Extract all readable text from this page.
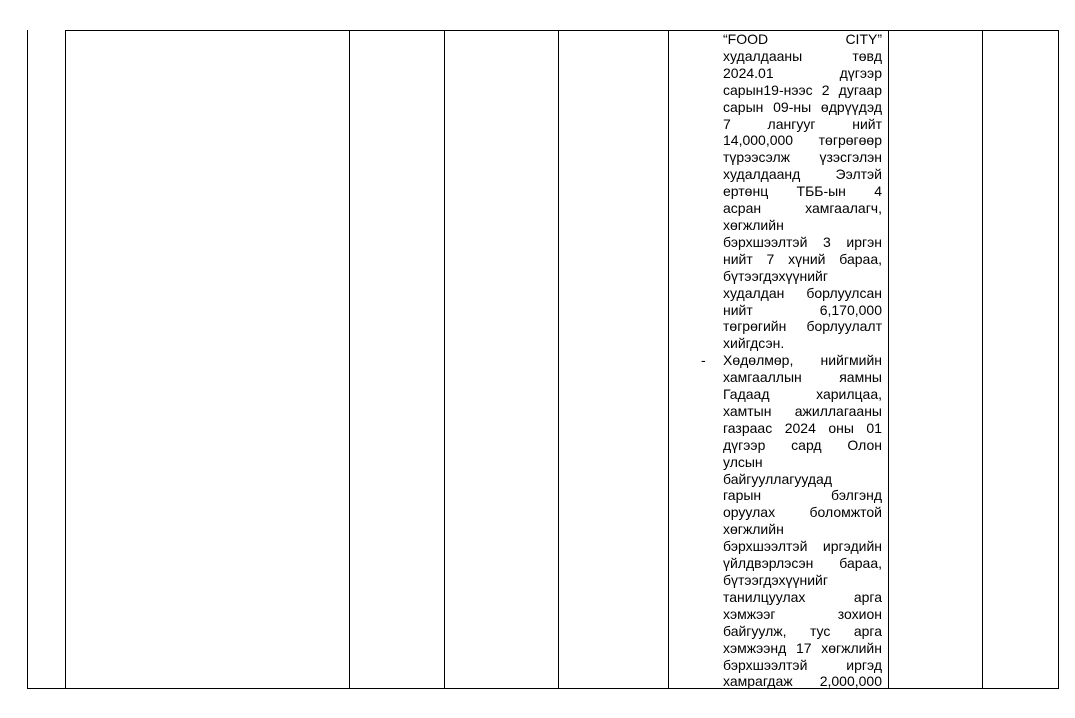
“FOOD CITY”
худалдааны төвд
2024.01 дүгээр
сарын19-нээс 2 дугаар
сарын 09-ны өдрүүдэд
7 лангууг нийт
14,000,000 төгрөгөөр
түрээсэлж үзэсгэлэн
худалдаанд Ээлтэй
ертөнц ТББ-ын 4
асран хамгаалагч,
хөгжлийн
бэрхшээлтэй 3 иргэн
нийт 7 хүний бараа,
бүтээгдэхүүнийг
худалдан борлуулсан
нийт 6,170,000
төгрөгийн борлуулалт
хийгдсэн.
- Хөдөлмөр, нийгмийн
хамгааллын яамны
Гадаад харилцаа,
хамтын ажиллагааны
газраас 2024 оны 01
дүгээр сард Олон
улсын
байгууллагуудад
гарын бэлгэнд
оруулах боломжтой
хөгжлийн
бэрхшээлтэй иргэдийн
үйлдвэрлэсэн бараа,
бүтээгдэхүүнийг
танилцуулах арга
хэмжээг зохион
байгуулж, тус арга
хэмжээнд 17 хөгжлийн
бэрхшээлтэй иргэд
хамрагдаж 2,000,000
